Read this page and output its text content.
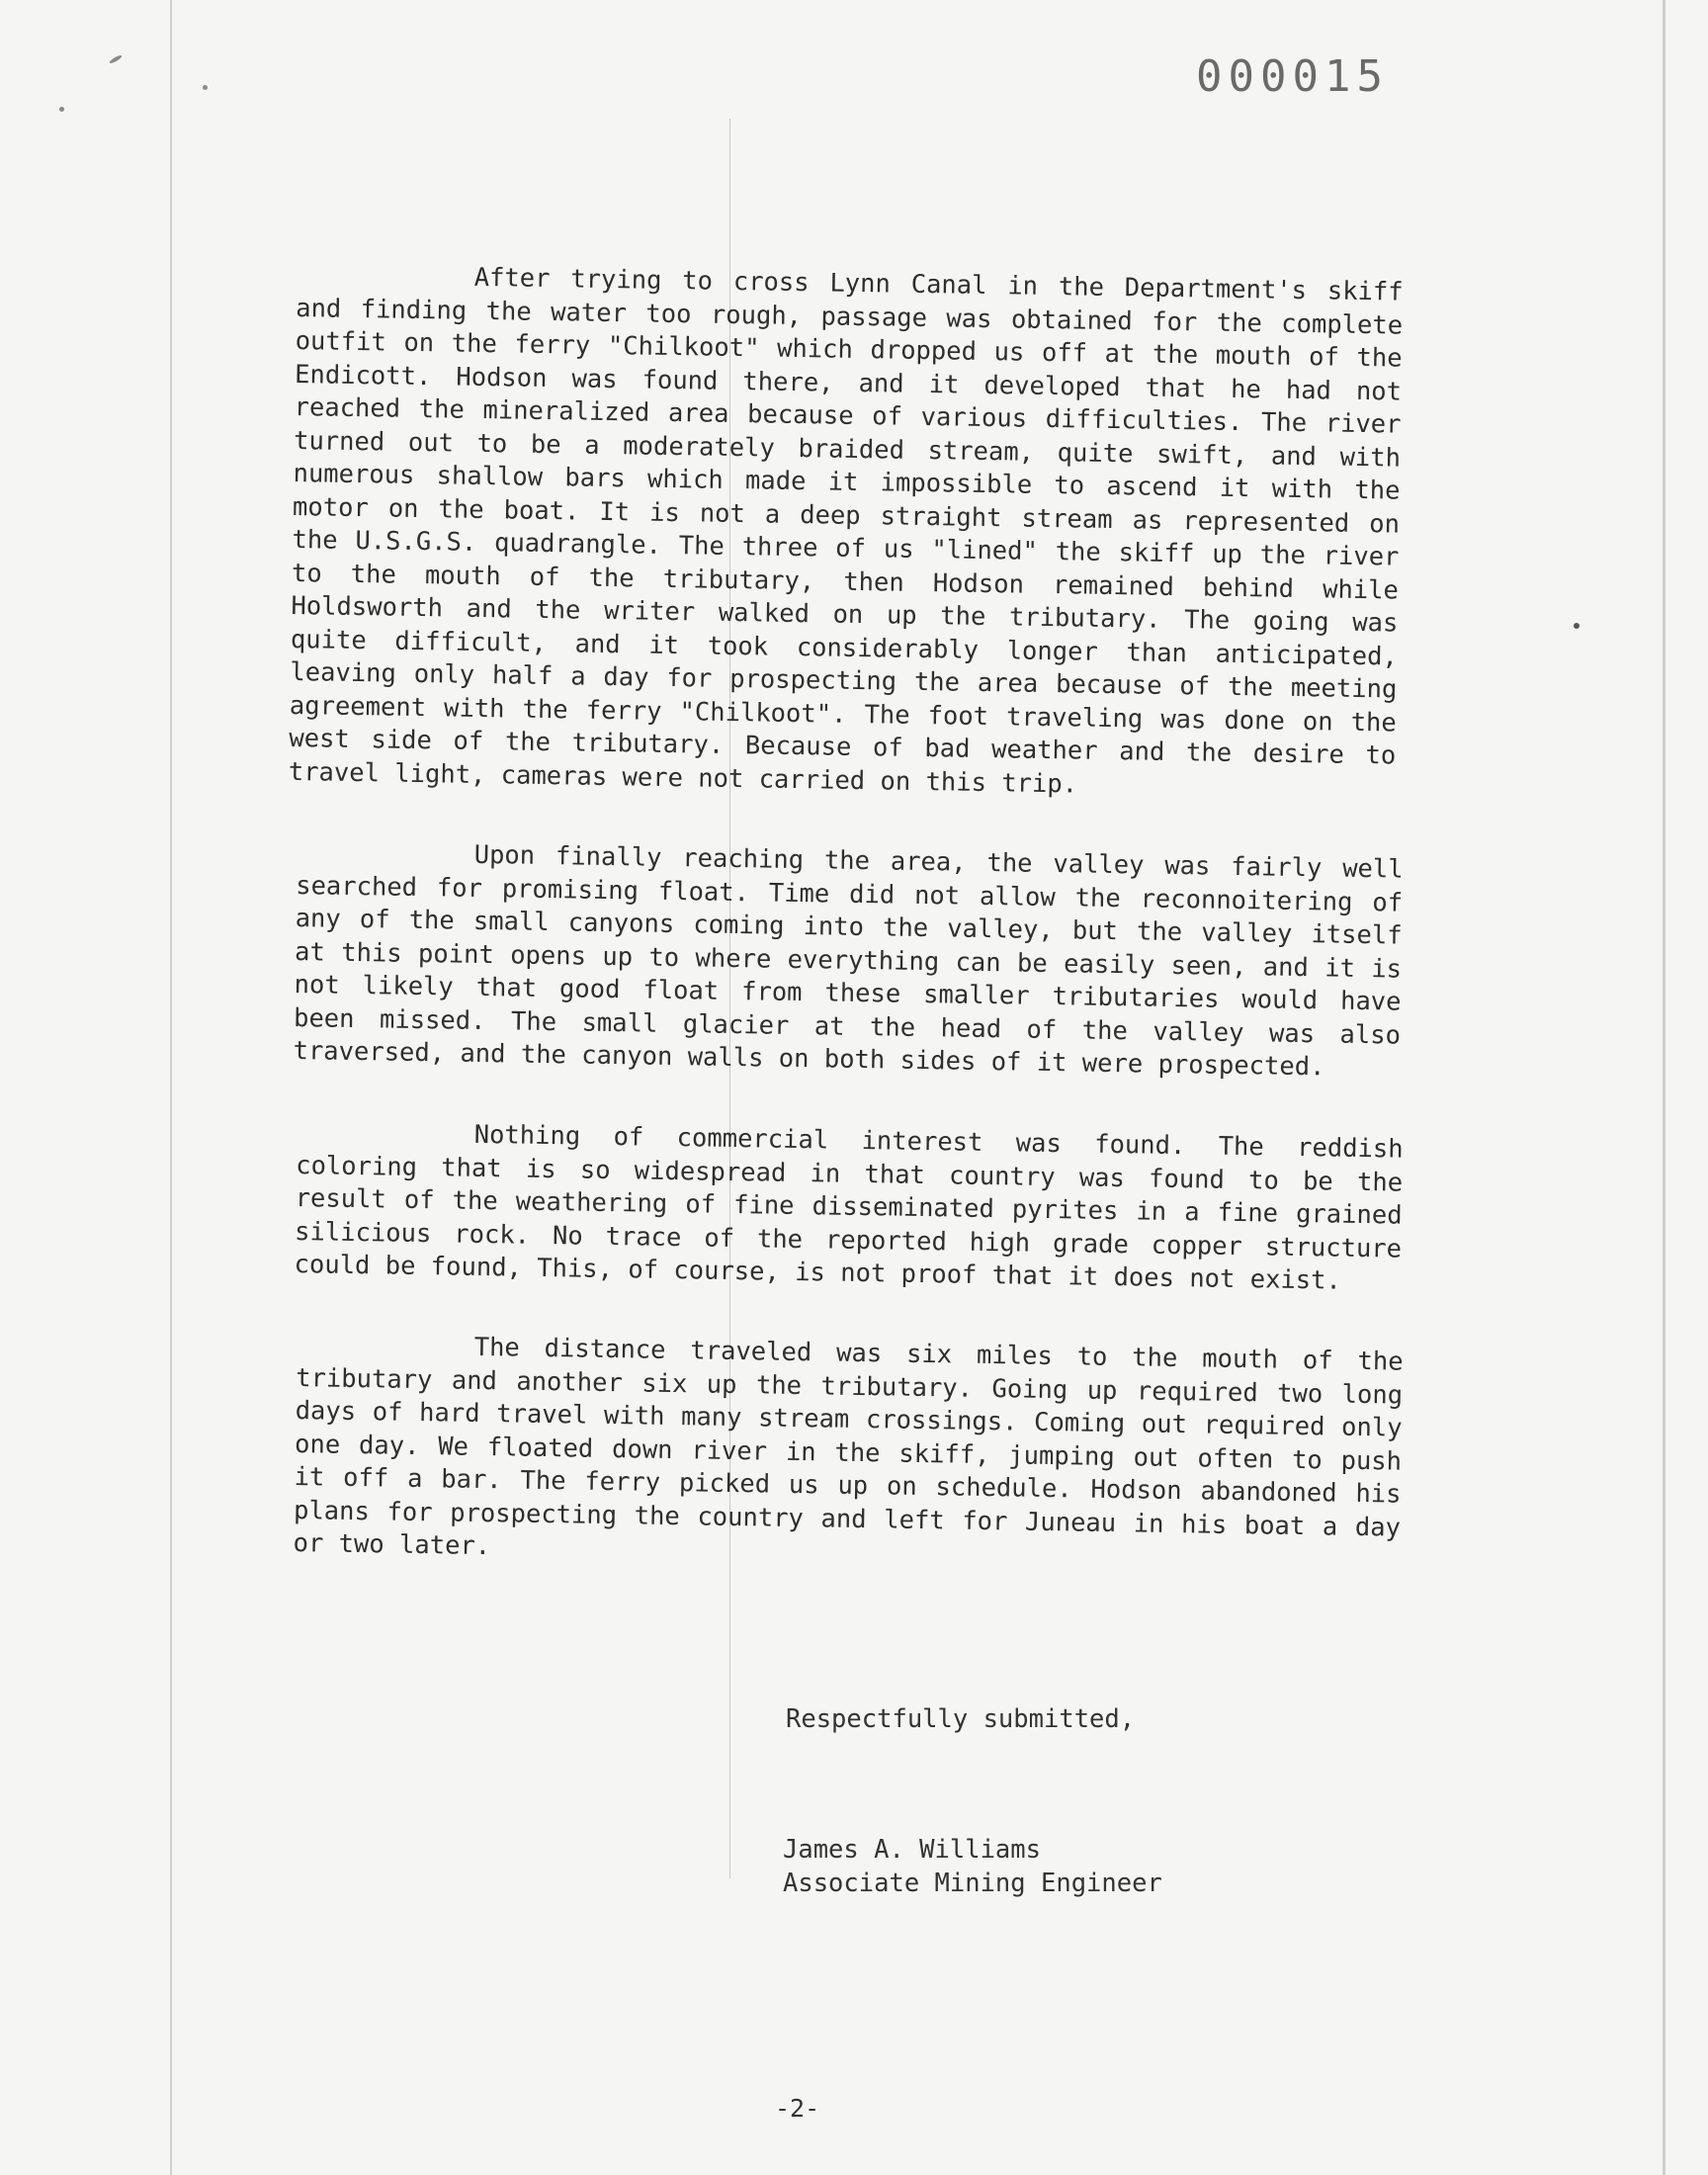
000015

After trying to cross Lynn Canal in the Department's skiff and finding the water too rough, passage was obtained for the complete outfit on the ferry "Chilkoot" which dropped us off at the mouth of the Endicott. Hodson was found there, and it developed that he had not reached the mineralized area because of various difficulties. The river turned out to be a moderately braided stream, quite swift, and with numerous shallow bars which made it impossible to ascend it with the motor on the boat. It is not a deep straight stream as represented on the U.S.G.S. quadrangle. The three of us "lined" the skiff up the river to the mouth of the tributary, then Hodson remained behind while Holdsworth and the writer walked on up the tributary. The going was quite difficult, and it took considerably longer than anticipated, leaving only half a day for prospecting the area because of the meeting agreement with the ferry "Chilkoot". The foot traveling was done on the west side of the tributary. Because of bad weather and the desire to travel light, cameras were not carried on this trip.

Upon finally reaching the area, the valley was fairly well searched for promising float. Time did not allow the reconnoitering of any of the small canyons coming into the valley, but the valley itself at this point opens up to where everything can be easily seen, and it is not likely that good float from these smaller tributaries would have been missed. The small glacier at the head of the valley was also traversed, and the canyon walls on both sides of it were prospected.

Nothing of commercial interest was found. The reddish coloring that is so widespread in that country was found to be the result of the weathering of fine disseminated pyrites in a fine grained silicious rock. No trace of the reported high grade copper structure could be found, This, of course, is not proof that it does not exist.

The distance traveled was six miles to the mouth of the tributary and another six up the tributary. Going up required two long days of hard travel with many stream crossings. Coming out required only one day. We floated down river in the skiff, jumping out often to push it off a bar. The ferry picked us up on schedule. Hodson abandoned his plans for prospecting the country and left for Juneau in his boat a day or two later.

Respectfully submitted,
James A. Williams
Associate Mining Engineer
-2-
